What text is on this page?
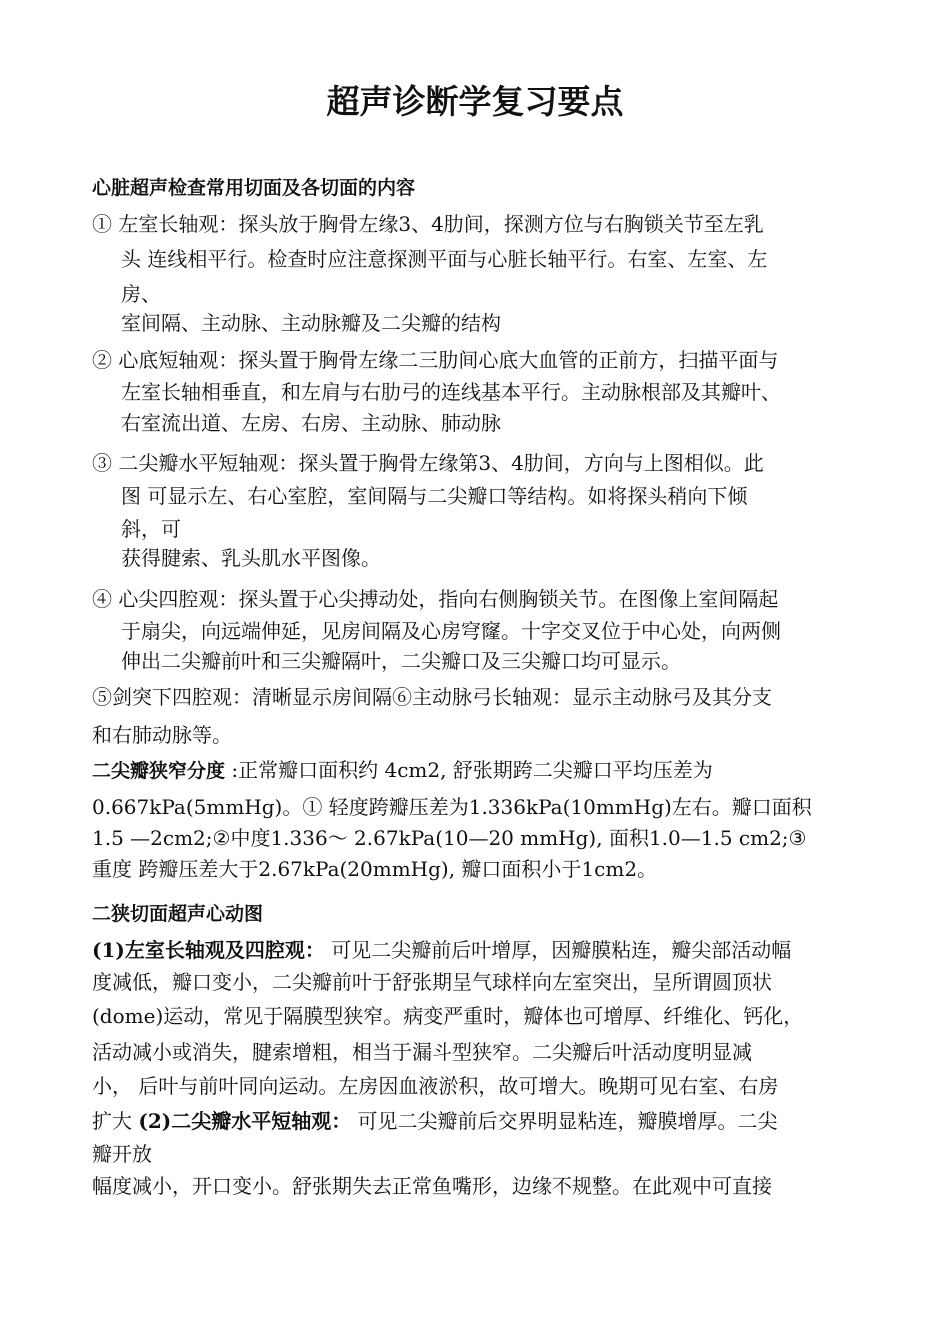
超声诊断学复习要点
心脏超声检查常用切面及各切面的内容
① 左室长轴观：探头放于胸骨左缘3、4肋间，探测方位与右胸锁关节至左乳
头 连线相平行。检查时应注意探测平面与心脏长轴平行。右室、左室、左
房、
室间隔、主动脉、主动脉瓣及二尖瓣的结构
② 心底短轴观：探头置于胸骨左缘二三肋间心底大血管的正前方，扫描平面与
左室长轴相垂直，和左肩与右肋弓的连线基本平行。主动脉根部及其瓣叶、
右室流出道、左房、右房、主动脉、肺动脉
③ 二尖瓣水平短轴观：探头置于胸骨左缘第3、4肋间，方向与上图相似。此
图 可显示左、右心室腔，室间隔与二尖瓣口等结构。如将探头稍向下倾
斜，可
获得腱索、乳头肌水平图像。
④ 心尖四腔观：探头置于心尖搏动处，指向右侧胸锁关节。在图像上室间隔起
于扇尖，向远端伸延，见房间隔及心房穹窿。十字交叉位于中心处，向两侧
伸出二尖瓣前叶和三尖瓣隔叶，二尖瓣口及三尖瓣口均可显示。
⑤剑突下四腔观：清晰显示房间隔⑥主动脉弓长轴观：显示主动脉弓及其分支
和右肺动脉等。
二尖瓣狭窄分度 :正常瓣口面积约 4cm2, 舒张期跨二尖瓣口平均压差为
0.667kPa(5mmHg)。① 轻度跨瓣压差为1.336kPa(10mmHg)左右。瓣口面积
1.5 —2cm2;②中度1.336～ 2.67kPa(10—20 mmHg), 面积1.0—1.5 cm2;③
重度 跨瓣压差大于2.67kPa(20mmHg), 瓣口面积小于1cm2。
二狭切面超声心动图
(1)左室长轴观及四腔观： 可见二尖瓣前后叶增厚，因瓣膜粘连，瓣尖部活动幅
度减低，瓣口变小，二尖瓣前叶于舒张期呈气球样向左室突出，呈所谓圆顶状
(dome)运动，常见于隔膜型狭窄。病变严重时，瓣体也可增厚、纤维化、钙化，
活动减小或消失，腱索增粗，相当于漏斗型狭窄。二尖瓣后叶活动度明显减
小， 后叶与前叶同向运动。左房因血液淤积，故可增大。晚期可见右室、右房
扩大 (2)二尖瓣水平短轴观： 可见二尖瓣前后交界明显粘连，瓣膜增厚。二尖
瓣开放
幅度减小，开口变小。舒张期失去正常鱼嘴形，边缘不规整。在此观中可直接
